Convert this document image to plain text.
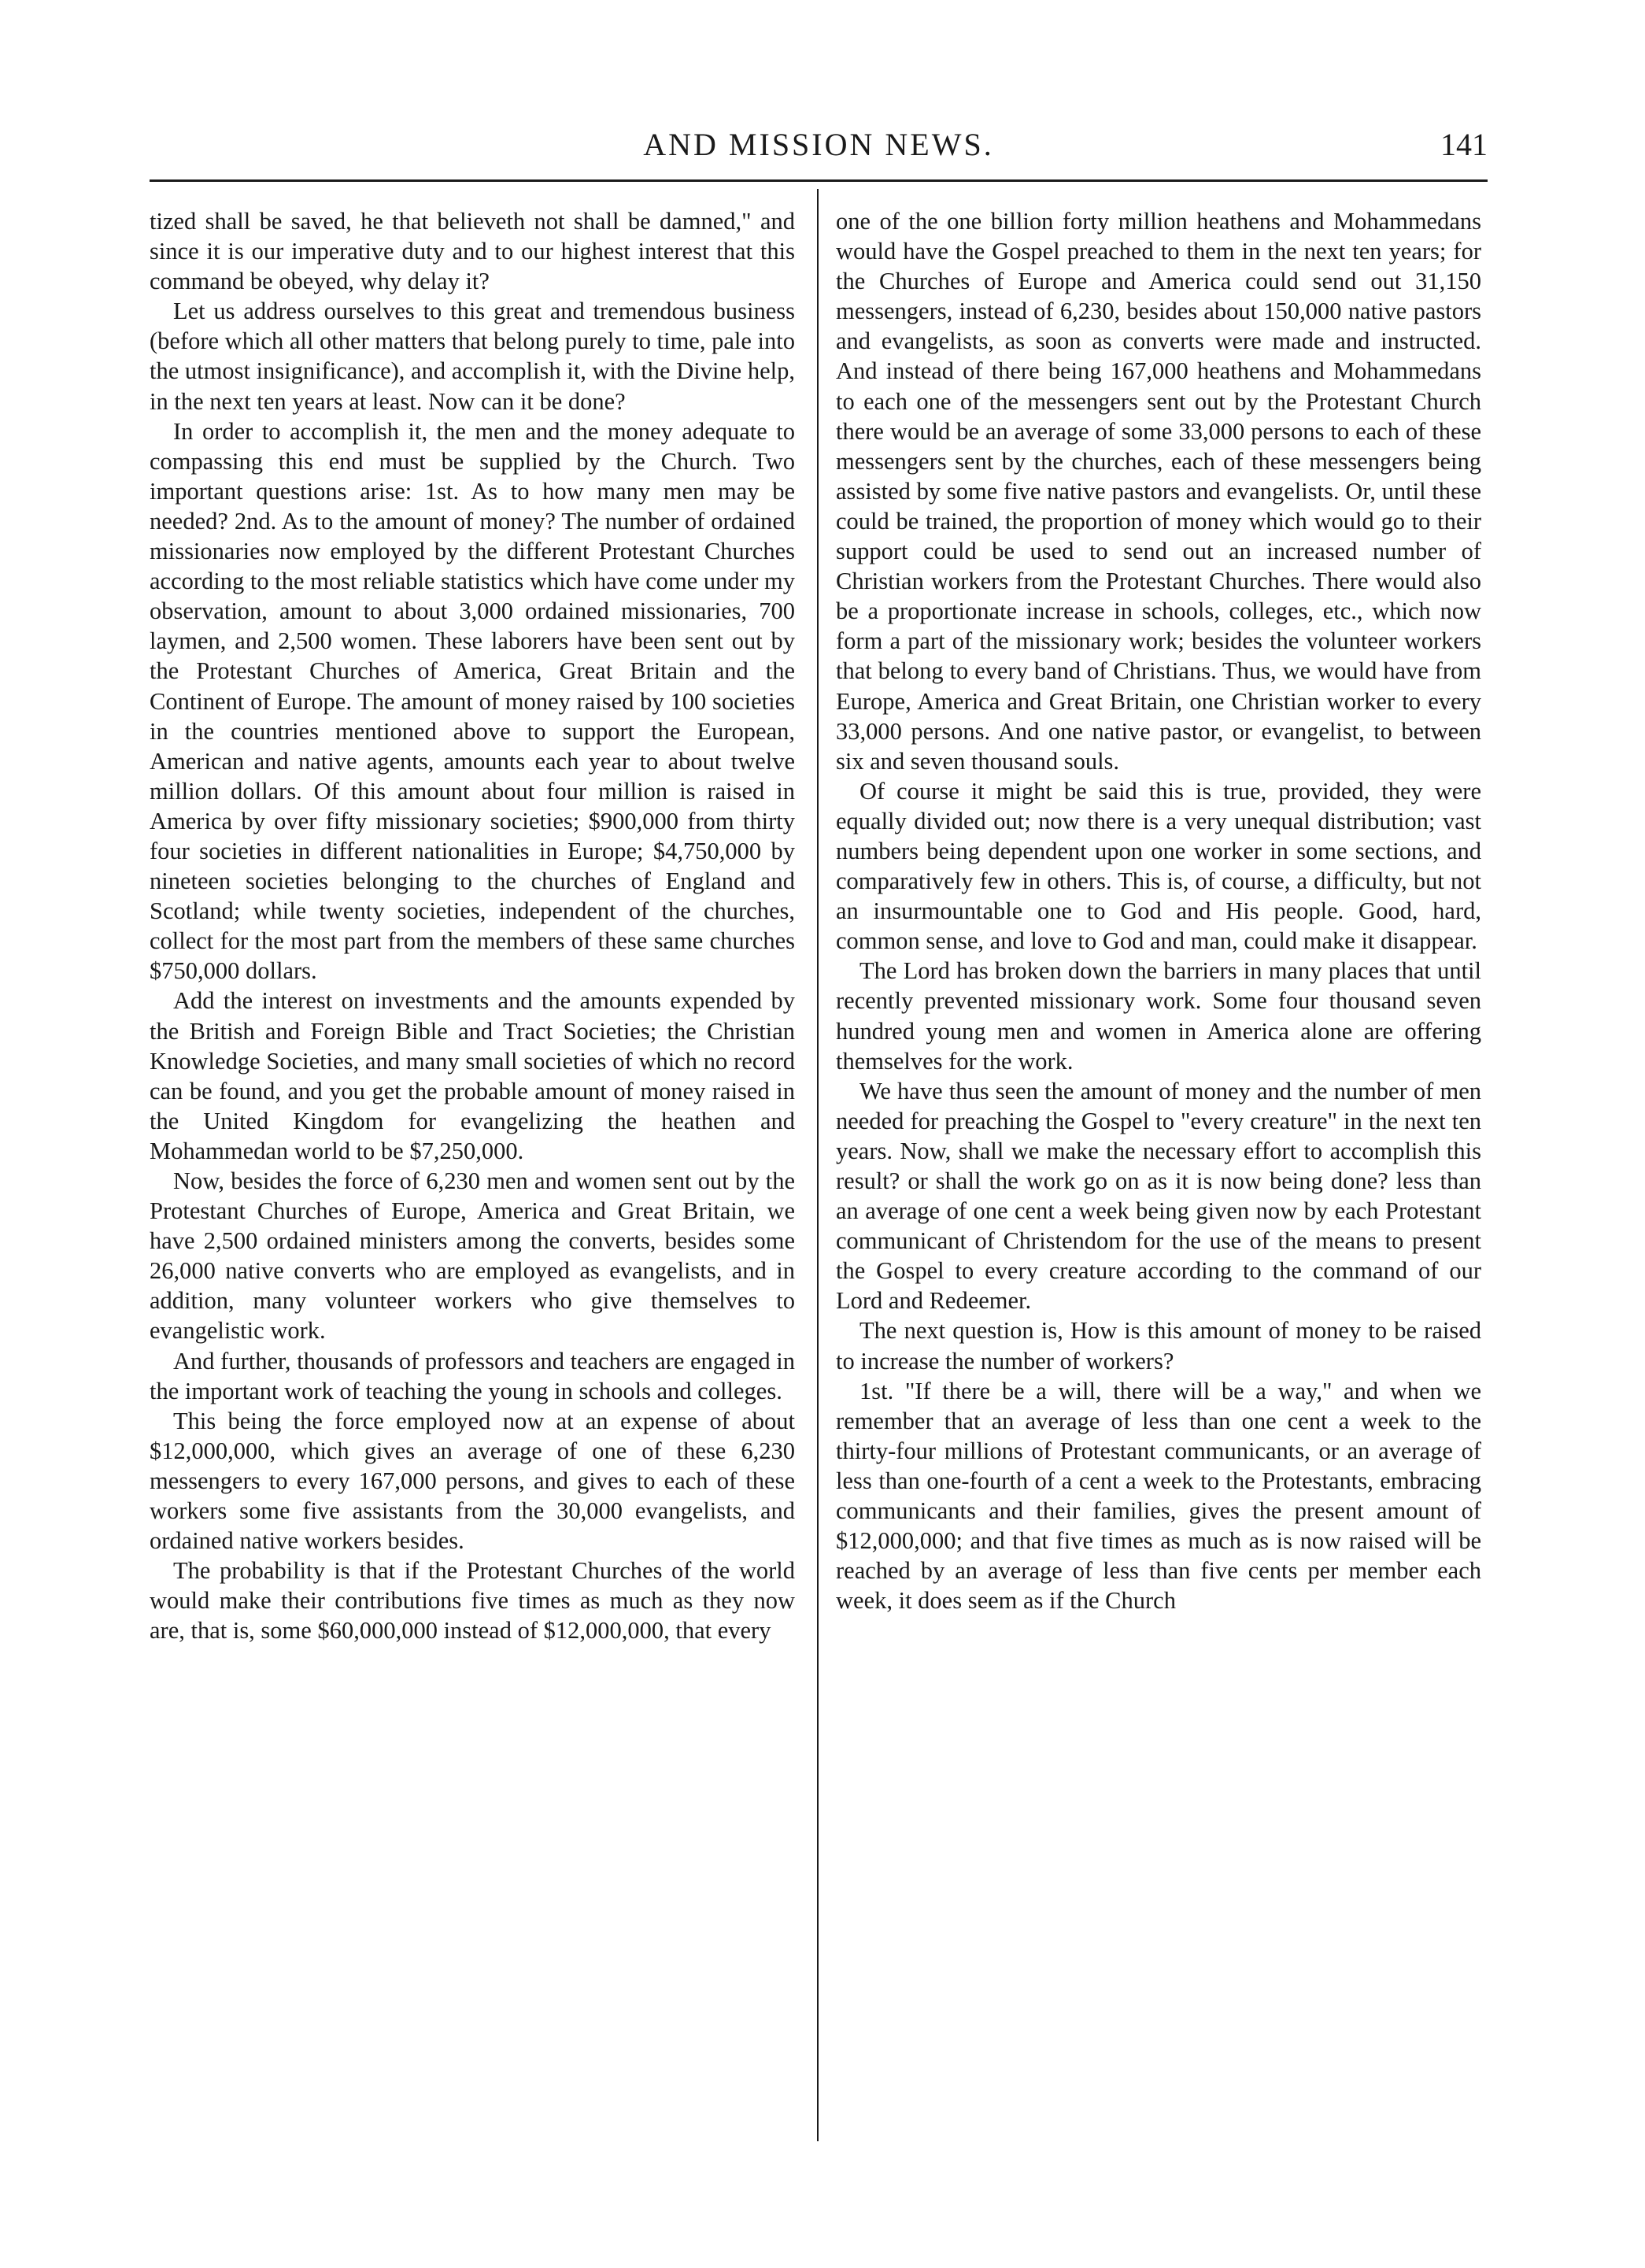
AND MISSION NEWS.	141

tized shall be saved, he that believeth not shall be damned," and since it is our imperative duty and to our highest interest that this command be obeyed, why delay it?

Let us address ourselves to this great and tremendous business (before which all other matters that belong purely to time, pale into the utmost insignificance), and accomplish it, with the Divine help, in the next ten years at least. Now can it be done?

In order to accomplish it, the men and the money adequate to compassing this end must be supplied by the Church. Two important questions arise: 1st. As to how many men may be needed? 2nd. As to the amount of money? The number of ordained missionaries now employed by the different Protestant Churches according to the most reliable statistics which have come under my observation, amount to about 3,000 ordained missionaries, 700 laymen, and 2,500 women. These laborers have been sent out by the Protestant Churches of America, Great Britain and the Continent of Europe. The amount of money raised by 100 societies in the countries mentioned above to support the European, American and native agents, amounts each year to about twelve million dollars. Of this amount about four million is raised in America by over fifty missionary societies; $900,000 from thirty four societies in different nationalities in Europe; $4,750,000 by nineteen societies belonging to the churches of England and Scotland; while twenty societies, independent of the churches, collect for the most part from the members of these same churches $750,000 dollars.

Add the interest on investments and the amounts expended by the British and Foreign Bible and Tract Societies; the Christian Knowledge Societies, and many small societies of which no record can be found, and you get the probable amount of money raised in the United Kingdom for evangelizing the heathen and Mohammedan world to be $7,250,000.

Now, besides the force of 6,230 men and women sent out by the Protestant Churches of Europe, America and Great Britain, we have 2,500 ordained ministers among the converts, besides some 26,000 native converts who are employed as evangelists, and in addition, many volunteer workers who give themselves to evangelistic work.

And further, thousands of professors and teachers are engaged in the important work of teaching the young in schools and colleges.

This being the force employed now at an expense of about $12,000,000, which gives an average of one of these 6,230 messengers to every 167,000 persons, and gives to each of these workers some five assistants from the 30,000 evangelists, and ordained native workers besides.

The probability is that if the Protestant Churches of the world would make their contributions five times as much as they now are, that is, some $60,000,000 instead of $12,000,000, that every

one of the one billion forty million heathens and Mohammedans would have the Gospel preached to them in the next ten years; for the Churches of Europe and America could send out 31,150 messengers, instead of 6,230, besides about 150,000 native pastors and evangelists, as soon as converts were made and instructed. And instead of there being 167,000 heathens and Mohammedans to each one of the messengers sent out by the Protestant Church there would be an average of some 33,000 persons to each of these messengers sent by the churches, each of these messengers being assisted by some five native pastors and evangelists. Or, until these could be trained, the proportion of money which would go to their support could be used to send out an increased number of Christian workers from the Protestant Churches. There would also be a proportionate increase in schools, colleges, etc., which now form a part of the missionary work; besides the volunteer workers that belong to every band of Christians. Thus, we would have from Europe, America and Great Britain, one Christian worker to every 33,000 persons. And one native pastor, or evangelist, to between six and seven thousand souls.

Of course it might be said this is true, provided, they were equally divided out; now there is a very unequal distribution; vast numbers being dependent upon one worker in some sections, and comparatively few in others. This is, of course, a difficulty, but not an insurmountable one to God and His people. Good, hard, common sense, and love to God and man, could make it disappear.

The Lord has broken down the barriers in many places that until recently prevented missionary work. Some four thousand seven hundred young men and women in America alone are offering themselves for the work.

We have thus seen the amount of money and the number of men needed for preaching the Gospel to "every creature" in the next ten years. Now, shall we make the necessary effort to accomplish this result? or shall the work go on as it is now being done? less than an average of one cent a week being given now by each Protestant communicant of Christendom for the use of the means to present the Gospel to every creature according to the command of our Lord and Redeemer.

The next question is, How is this amount of money to be raised to increase the number of workers?

1st. "If there be a will, there will be a way," and when we remember that an average of less than one cent a week to the thirty-four millions of Protestant communicants, or an average of less than one-fourth of a cent a week to the Protestants, embracing communicants and their families, gives the present amount of $12,000,000; and that five times as much as is now raised will be reached by an average of less than five cents per member each week, it does seem as if the Church
